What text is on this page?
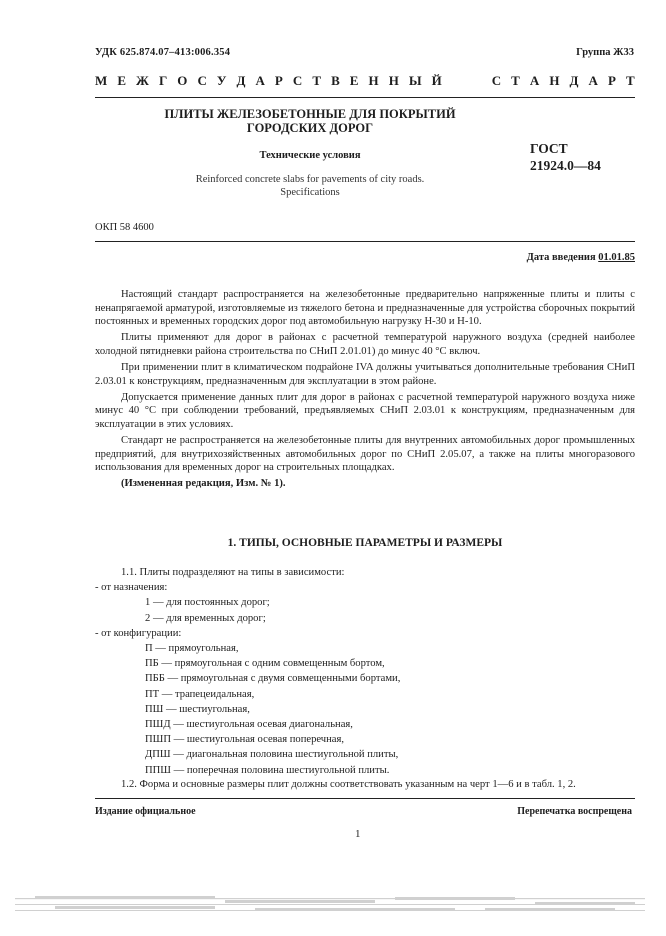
УДК 625.874.07–413:006.354	Группа Ж33
М Е Ж Г О С У Д А Р С Т В Е Н Н Ы Й

	С Т А Н Д А Р Т
ПЛИТЫ ЖЕЛЕЗОБЕТОННЫЕ ДЛЯ ПОКРЫТИЙ
ГОРОДСКИХ ДОРОГ
Технические условия
Reinforced concrete slabs for pavements of city roads.
Specifications
ГОСТ
21924.0—84
ОКП 58 4600
Дата введения 01.01.85

Настоящий стандарт распространяется на железобетонные предварительно напряженные плиты и плиты с ненапрягаемой арматурой, изготовляемые из тяжелого бетона и предназначенные для устройства сборочных покрытий постоянных и временных городских дорог под автомобильную нагрузку Н-30 и Н-10.

Плиты применяют для дорог в районах с расчетной температурой наружного воздуха (средней наиболее холодной пятидневки района строительства по СНиП 2.01.01) до минус 40 °С включ.

При применении плит в климатическом подрайоне IVA должны учитываться дополнительные требования СНиП 2.03.01 к конструкциям, предназначенным для эксплуатации в этом районе.

Допускается применение данных плит для дорог в районах с расчетной температурой наружного воздуха ниже минус 40 °С при соблюдении требований, предъявляемых СНиП 2.03.01 к конструкциям, предназначенным для эксплуатации в этих условиях.

Стандарт не распространяется на железобетонные плиты для внутренних автомобильных дорог промышленных предприятий, для внутрихозяйственных автомобильных дорог по СНиП 2.05.07, а также на плиты многоразового использования для временных дорог на строительных площадках.

(Измененная редакция, Изм. № 1).

1. ТИПЫ, ОСНОВНЫЕ ПАРАМЕТРЫ И РАЗМЕРЫ
1.1. Плиты подразделяют на типы в зависимости:
- от назначения:
1 — для постоянных дорог;
2 — для временных дорог;
- от конфигурации:
П — прямоугольная,
ПБ — прямоугольная с одним совмещенным бортом,
ПББ — прямоугольная с двумя совмещенными бортами,
ПТ — трапецеидальная,
ПШ — шестиугольная,
ПШД — шестиугольная осевая диагональная,
ПШП — шестиугольная осевая поперечная,
ДПШ — диагональная половина шестиугольной плиты,
ППШ — поперечная половина шестиугольной плиты.
1.2. Форма и основные размеры плит должны соответствовать указанным на черт 1—6 и в табл. 1, 2.
Издание официальное	Перепечатка воспрещена
1
